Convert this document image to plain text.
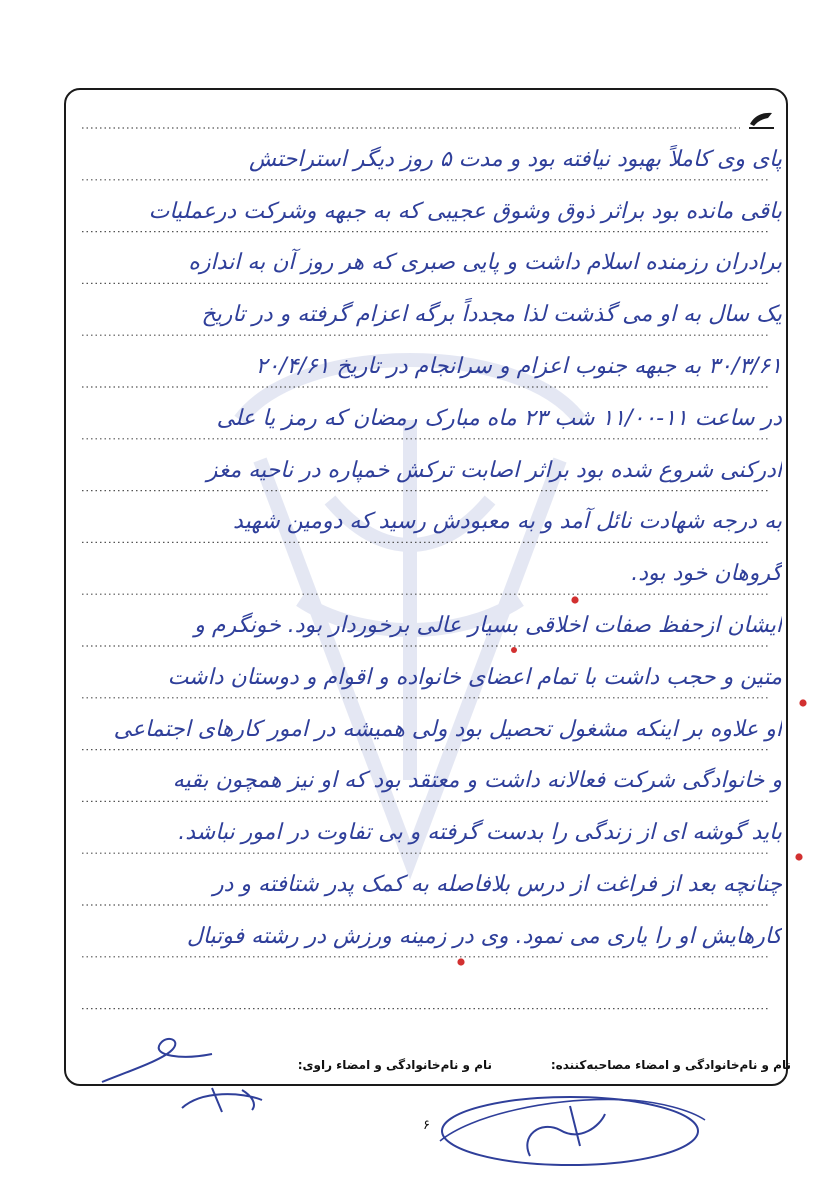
پای وی کاملاً بهبود نیافته بود و مدت ۵ روز دیگر استراحتش
باقی مانده بود براثر ذوق وشوق عجیبی که به جبهه وشرکت درعملیات
برادران رزمنده اسلام داشت و پایی صبری که هر روز آن به اندازه
یک سال به او می گذشت لذا مجدداً برگه اعزام گرفته و در تاریخ
۳۰/۳/۶۱ به جبهه جنوب اعزام و سرانجام در تاریخ ۲۰/۴/۶۱
در ساعت ۱۱-۱۱/۰۰ شب ۲۳ ماه مبارک رمضان که رمز یا علی
ادرکنی شروع شده بود براثر اصابت ترکش خمپاره در ناحیه مغز
به درجه شهادت نائل آمد و به معبودش رسید که دومین شهید
گروهان خود بود.
ایشان ازحفظ صفات اخلاقی بسیار عالی برخوردار بود. خونگرم و
متین و حجب داشت با تمام اعضای خانواده و اقوام و دوستان داشت
او علاوه بر اینکه مشغول تحصیل بود ولی همیشه در امور کارهای اجتماعی
و خانوادگی شرکت فعالانه داشت و معتقد بود که او نیز همچون بقیه
باید گوشه ای از زندگی را بدست گرفته و بی تفاوت در امور نباشد.
چنانچه بعد از فراغت از درس بلافاصله به کمک پدر شتافته و در
کارهایش او را یاری می نمود. وی در زمینه ورزش در رشته فوتبال
نام و نام‌خانوادگی و امضاء مصاحبه‌کننده:
نام و نام‌خانوادگی و امضاء راوی:
۶
